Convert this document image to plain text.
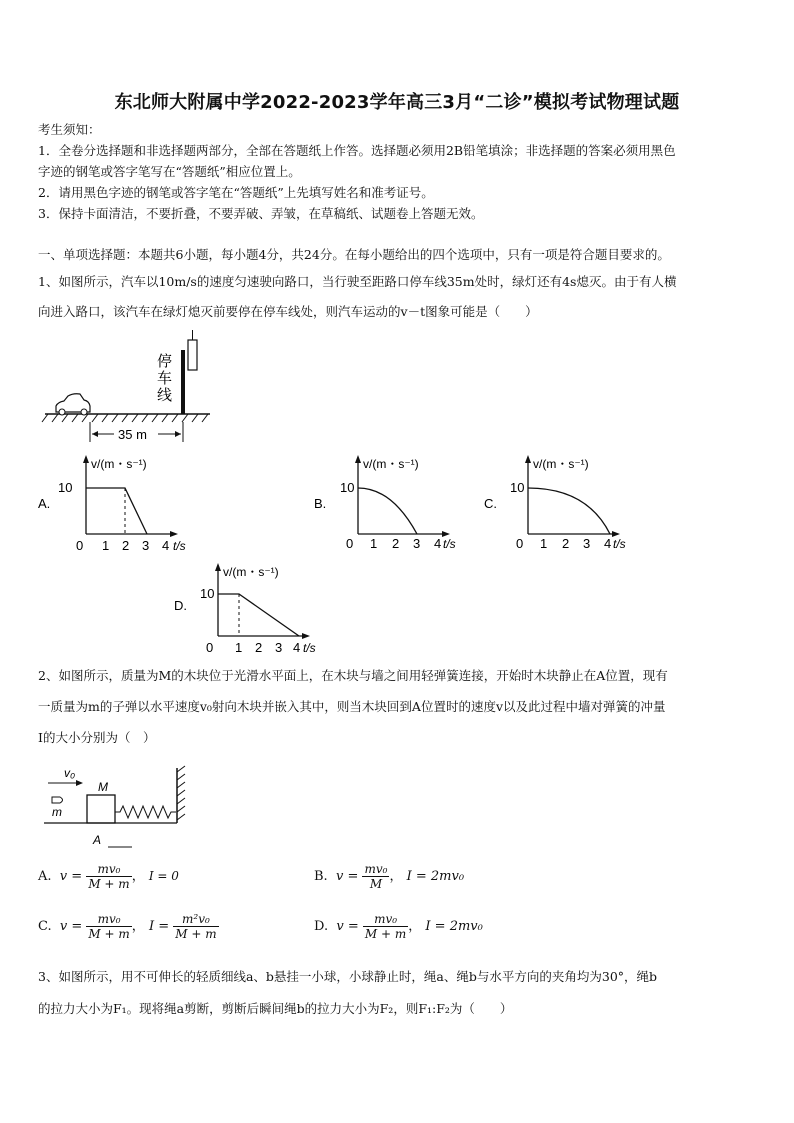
东北师大附属中学2022-2023学年高三3月“二诊”模拟考试物理试题
考生须知：
1．全卷分选择题和非选择题两部分，全部在答题纸上作答。选择题必须用2B铅笔填涂；非选择题的答案必须用黑色
字迹的钢笔或答字笔写在“答题纸”相应位置上。
2．请用黑色字迹的钢笔或答字笔在“答题纸”上先填写姓名和准考证号。
3．保持卡面清洁，不要折叠，不要弄破、弄皱，在草稿纸、试题卷上答题无效。
一、单项选择题：本题共6小题，每小题4分，共24分。在每小题给出的四个选项中，只有一项是符合题目要求的。
1、如图所示，汽车以10m/s的速度匀速驶向路口，当行驶至距路口停车线35m处时，绿灯还有4s熄灭。由于有人横
向进入路口，该汽车在绿灯熄灭前要停在停车线处，则汽车运动的v－t图象可能是（　　）
停车线
35 m
A.
v/(m・s⁻¹)
10
0 1 2 3 4 t/s
B.
v/(m・s⁻¹)
10
0 1 2 3 4 t/s
C.
v/(m・s⁻¹)
10
0 1 2 3 4 t/s
D.
v/(m・s⁻¹)
10
0 1 2 3 4 t/s
2、如图所示，质量为M的木块位于光滑水平面上，在木块与墙之间用轻弹簧连接，开始时木块静止在A位置，现有
一质量为m的子弹以水平速度v₀射向木块并嵌入其中，则当木块回到A位置时的速度v以及此过程中墙对弹簧的冲量
I的大小分别为（　）
v₀
m
M
A
A. $v = \frac{\text{mv₀}}{M + m}$ ， I = 0	B. $v = \frac{\text{mv₀}}{M}$ ， I = 2mv₀
C. $v = \frac{\text{mv₀}}{M + m}$ ， $I = \frac{\text{m²v₀}}{M + m}$	D. $v = \frac{\text{mv₀}}{M + m}$ ， I = 2mv₀
3、如图所示，用不可伸长的轻质细线a、b悬挂一小球，小球静止时，绳a、绳b与水平方向的夹角均为30°，绳b
的拉力大小为F₁。现将绳a剪断，剪断后瞬间绳b的拉力大小为F₂，则F₁:F₂为（　　）
